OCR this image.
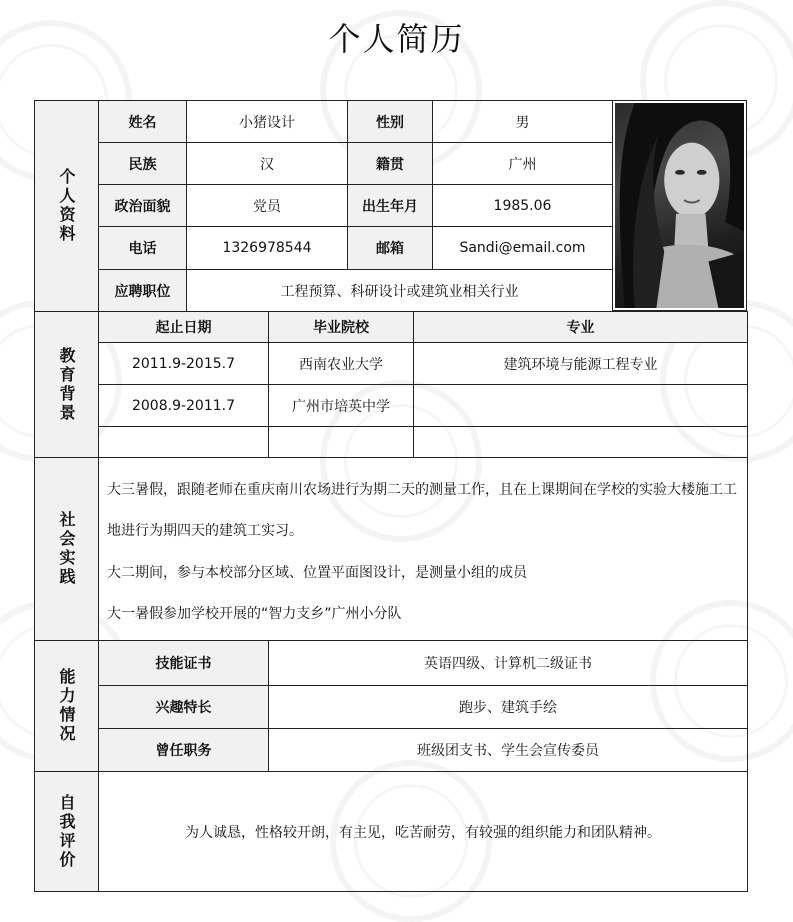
个人简历
个人资料
姓名	小猪设计	性别	男
民族	汉	籍贯	广州
政治面貌	党员	出生年月	1985.06
电话	1326978544	邮箱	Sandi@email.com
应聘职位	工程预算、科研设计或建筑业相关行业
教育背景
起止日期	毕业院校	专业
2011.9-2015.7	西南农业大学	建筑环境与能源工程专业
2008.9-2011.7	广州市培英中学
社会实践

大三暑假，跟随老师在重庆南川农场进行为期二天的测量工作，且在上课期间在学校的实验大楼施工工

地进行为期四天的建筑工实习。

大二期间，参与本校部分区域、位置平面图设计，是测量小组的成员

大一暑假参加学校开展的“智力支乡”广州小分队

能力情况
技能证书	英语四级、计算机二级证书
兴趣特长	跑步、建筑手绘
曾任职务	班级团支书、学生会宣传委员
自我评价	为人诚恳，性格较开朗，有主见，吃苦耐劳，有较强的组织能力和团队精神。
